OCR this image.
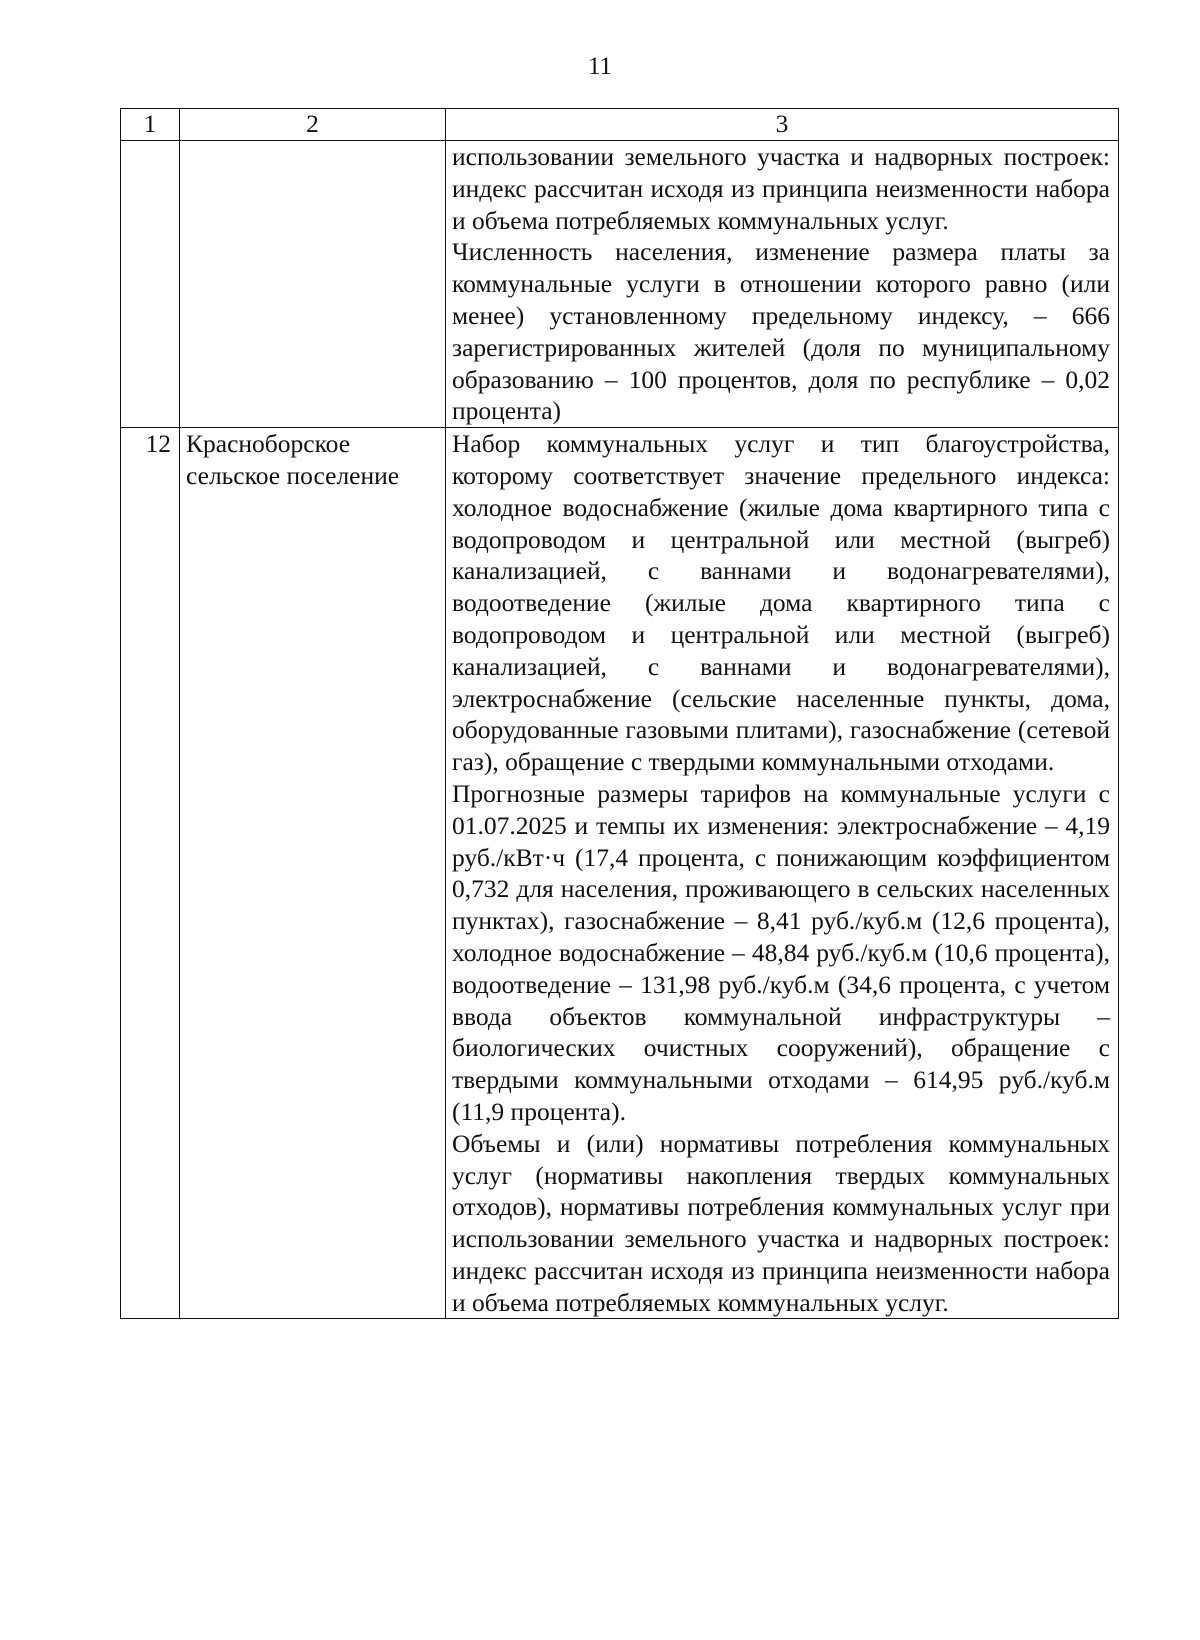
11
1	2	3

		использовании земельного участка и надворных построек: индекс рассчитан исходя из принципа неизменности набора и объема потребляемых коммунальных услуг.

Численность населения, изменение размера платы за коммунальные услуги в отношении которого равно (или менее) установленному предельному индексу, – 666 зарегистрированных жителей (доля по муниципальному образованию – 100 процентов, доля по республике – 0,02 процента)

12	Красноборское сельское поселение	Набор коммунальных услуг и тип благоустройства, которому соответствует значение предельного индекса: холодное водоснабжение (жилые дома квартирного типа с водопроводом и центральной или местной (выгреб) канализацией, с ваннами и водонагревателями), водоотведение (жилые дома квартирного типа с водопроводом и центральной или местной (выгреб) канализацией, с ваннами и водонагревателями), электроснабжение (сельские населенные пункты, дома, оборудованные газовыми плитами), газоснабжение (сетевой газ), обращение с твердыми коммунальными отходами.

Прогнозные размеры тарифов на коммунальные услуги с 01.07.2025 и темпы их изменения: электроснабжение – 4,19 руб./кВт·ч (17,4 процента, с понижающим коэффициентом 0,732 для населения, проживающего в сельских населенных пунктах), газоснабжение – 8,41 руб./куб.м (12,6 процента), холодное водоснабжение – 48,84 руб./куб.м (10,6 процента), водоотведение – 131,98 руб./куб.м (34,6 процента, с учетом ввода объектов коммунальной инфраструктуры – биологических очистных сооружений), обращение с твердыми коммунальными отходами – 614,95 руб./куб.м (11,9 процента).

Объемы и (или) нормативы потребления коммунальных услуг (нормативы накопления твердых коммунальных отходов), нормативы потребления коммунальных услуг при использовании земельного участка и надворных построек: индекс рассчитан исходя из принципа неизменности набора и объема потребляемых коммунальных услуг.
